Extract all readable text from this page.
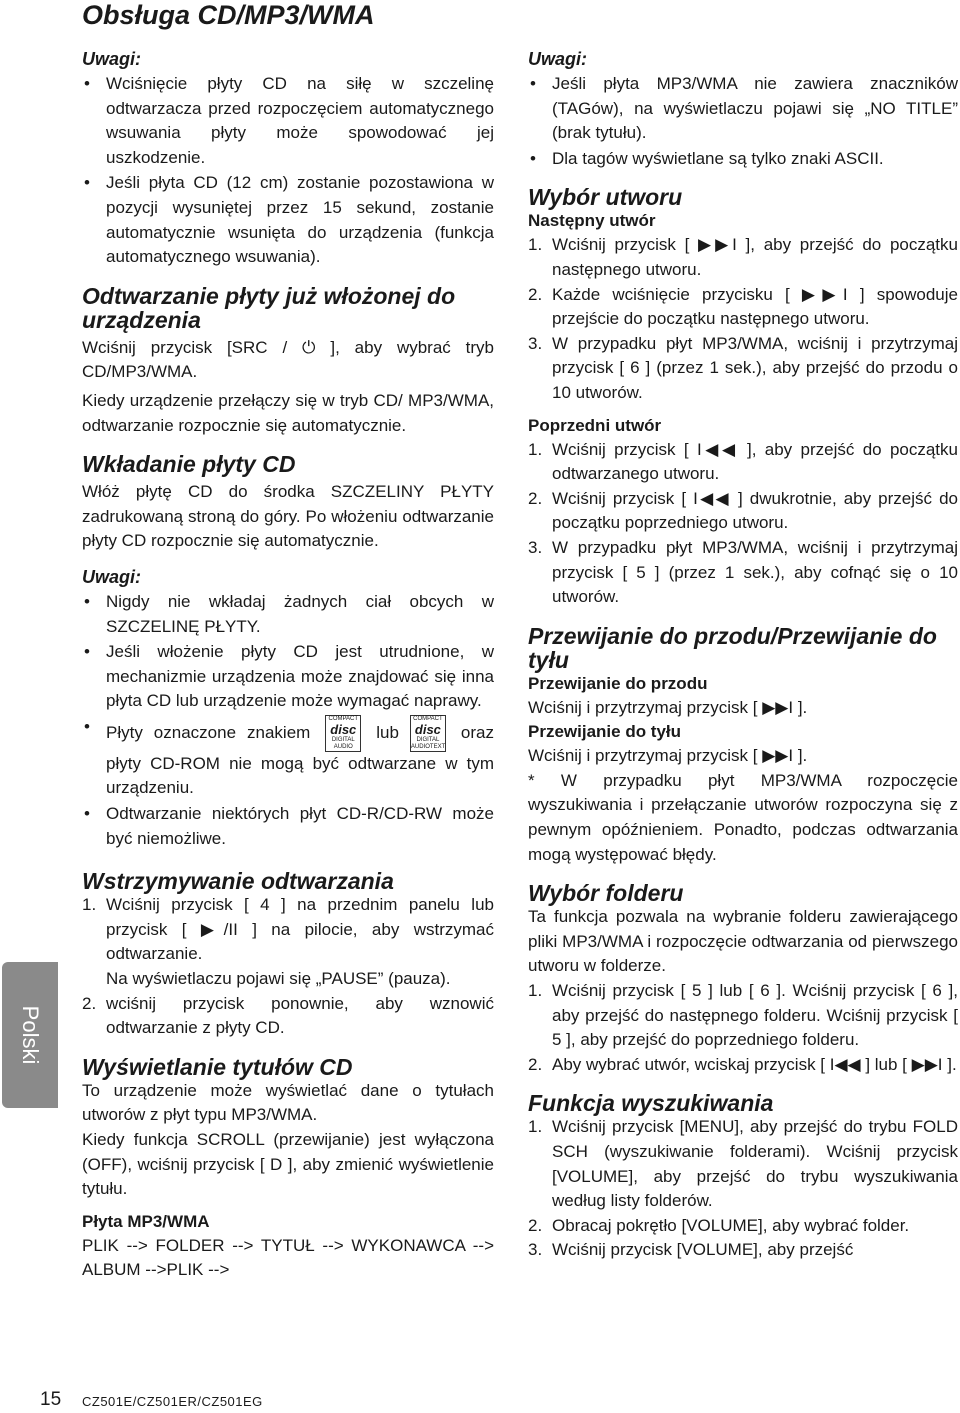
Obsługa CD/MP3/WMA
Polski
Uwagi:
• Wciśnięcie płyty CD na siłę w szczelinę odtwarzacza przed rozpoczęciem automatycznego wsuwania płyty może spowodować jej uszkodzenie.
• Jeśli płyta CD (12 cm) zostanie pozostawiona w pozycji wysuniętej przez 15 sekund, zostanie automatycznie wsunięta do urządzenia (funkcja automatycznego wsuwania).
Odtwarzanie płyty już włożonej do urządzenia
Wciśnij przycisk [SRC / ⏻ ], aby wybrać tryb CD/MP3/WMA.
Kiedy urządzenie przełączy się w tryb CD/ MP3/WMA, odtwarzanie rozpocznie się automatycznie.
Wkładanie płyty CD
Włóż płytę CD do środka SZCZELINY PŁYTY zadrukowaną stroną do góry. Po włożeniu odtwarzanie płyty CD rozpocznie się automatycznie.
Uwagi:
• Nigdy nie wkładaj żadnych ciał obcych w SZCZELINĘ PŁYTY.
• Jeśli włożenie płyty CD jest utrudnione, w mechanizmie urządzenia może znajdować się inna płyta CD lub urządzenie może wymagać naprawy.
• Płyty oznaczone znakiem COMPACT
disc
DIGITAL AUDIO lub COMPACT
disc
DIGITAL AUDIOTEXT oraz płyty CD-ROM nie mogą być odtwarzane w tym urządzeniu.
• Odtwarzanie niektórych płyt CD-R/CD-RW może być niemożliwe.
Wstrzymywanie odtwarzania
1. Wciśnij przycisk [ 4 ] na przednim panelu lub przycisk [ ▶/II ] na pilocie, aby wstrzymać odtwarzanie.
Na wyświetlaczu pojawi się „PAUSE” (pauza).
2. wciśnij przycisk ponownie, aby wznowić odtwarzanie z płyty CD.
Wyświetlanie tytułów CD
To urządzenie może wyświetlać dane o tytułach utworów z płyt typu MP3/WMA.
Kiedy funkcja SCROLL (przewijanie) jest wyłączona (OFF), wciśnij przycisk [ D ], aby zmienić wyświetlenie tytułu.
Płyta MP3/WMA
PLIK --> FOLDER --> TYTUŁ --> WYKONAWCA --> ALBUM -->PLIK -->
Uwagi:
• Jeśli płyta MP3/WMA nie zawiera znaczników (TAGów), na wyświetlaczu pojawi się „NO TITLE” (brak tytułu).
• Dla tagów wyświetlane są tylko znaki ASCII.
Wybór utworu
Następny utwór
1. Wciśnij przycisk [ ▶▶I ], aby przejść do początku następnego utworu.
2. Każde wciśnięcie przycisku [ ▶▶I ] spowoduje przejście do początku następnego utworu.
3. W przypadku płyt MP3/WMA, wciśnij i przytrzymaj przycisk [ 6 ] (przez 1 sek.), aby przejść do przodu o 10 utworów.
Poprzedni utwór
1. Wciśnij przycisk [ I◀◀ ], aby przejść do początku odtwarzanego utworu.
2. Wciśnij przycisk [ I◀◀ ] dwukrotnie, aby przejść do początku poprzedniego utworu.
3. W przypadku płyt MP3/WMA, wciśnij i przytrzymaj przycisk [ 5 ] (przez 1 sek.), aby cofnąć się o 10 utworów.
Przewijanie do przodu/Przewijanie do tyłu
Przewijanie do przodu
Wciśnij i przytrzymaj przycisk [ ▶▶I ].
Przewijanie do tyłu
Wciśnij i przytrzymaj przycisk [ ▶▶I ].
* W przypadku płyt MP3/WMA rozpoczęcie wyszukiwania i przełączanie utworów rozpoczyna się z pewnym opóźnieniem. Ponadto, podczas odtwarzania mogą występować błędy.
Wybór folderu
Ta funkcja pozwala na wybranie folderu zawierającego pliki MP3/WMA i rozpoczęcie odtwarzania od pierwszego utworu w folderze.
1. Wciśnij przycisk [ 5 ] lub [ 6 ]. Wciśnij przycisk [ 6 ], aby przejść do następnego folderu. Wciśnij przycisk [ 5 ], aby przejść do poprzedniego folderu.
2. Aby wybrać utwór, wciskaj przycisk [ I◀◀ ] lub [ ▶▶I ].
Funkcja wyszukiwania
1. Wciśnij przycisk [MENU], aby przejść do trybu FOLD SCH (wyszukiwanie folderami). Wciśnij przycisk [VOLUME], aby przejść do trybu wyszukiwania według listy folderów.
2. Obracaj pokrętło [VOLUME], aby wybrać folder.
3. Wciśnij przycisk [VOLUME], aby przejść
15 CZ501E/CZ501ER/CZ501EG
